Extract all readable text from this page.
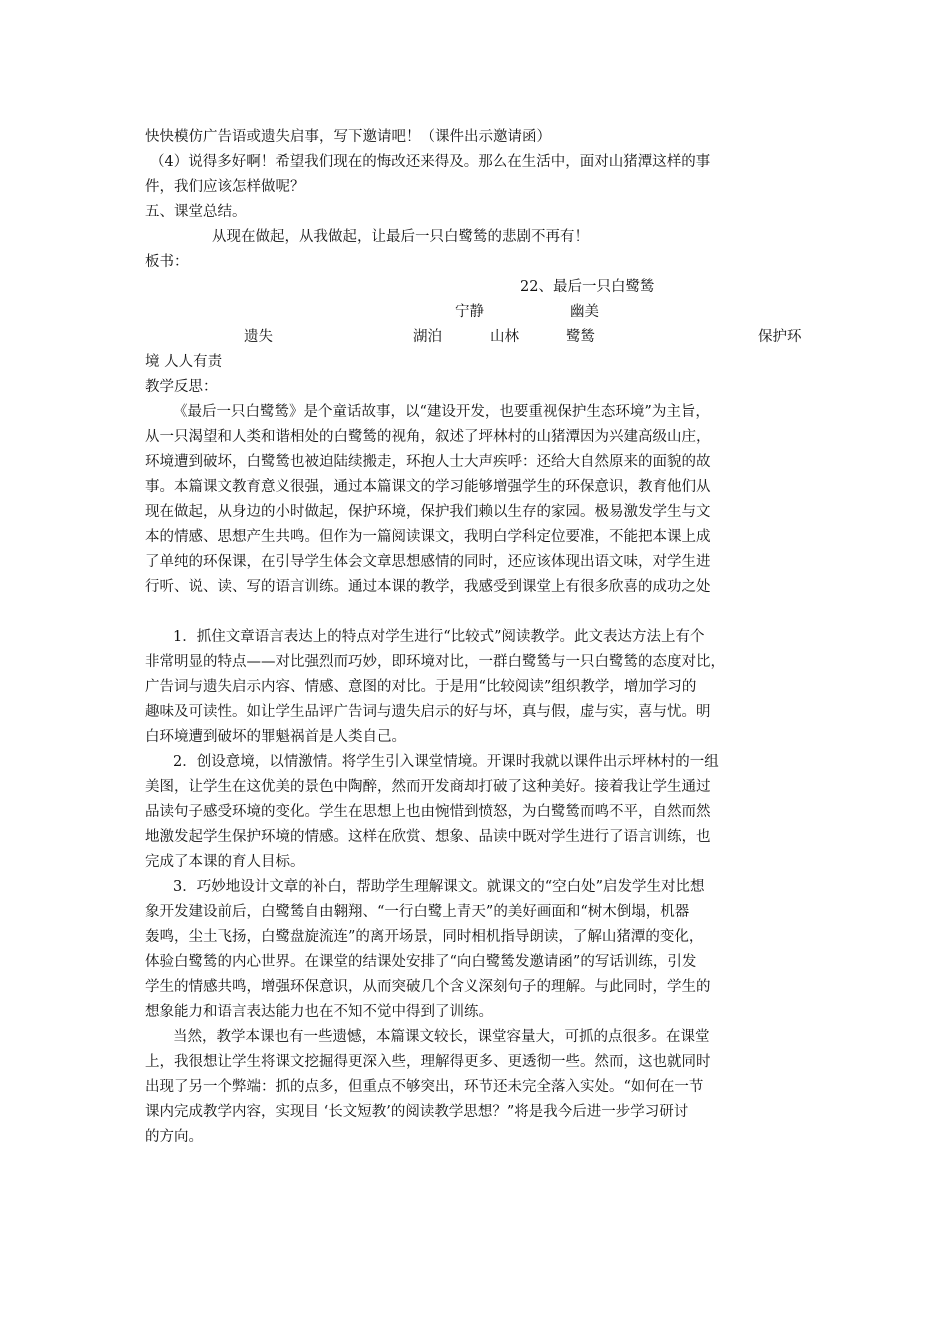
快快模仿广告语或遗失启事，写下邀请吧！（课件出示邀请函）
（4）说得多好啊！希望我们现在的悔改还来得及。那么在生活中，面对山猪潭这样的事
件，我们应该怎样做呢？
五、课堂总结。
从现在做起，从我做起，让最后一只白鹭鸶的悲剧不再有！
板书：
22、最后一只白鹭鸶
宁静	幽美
遗失	湖泊	山林	鹭鸶	保护环
境 人人有责
教学反思：
《最后一只白鹭鸶》是个童话故事，以“建设开发，也要重视保护生态环境”为主旨，
从一只渴望和人类和谐相处的白鹭鸶的视角，叙述了坪林村的山猪潭因为兴建高级山庄，
环境遭到破坏，白鹭鸶也被迫陆续搬走，环抱人士大声疾呼：还给大自然原来的面貌的故
事。本篇课文教育意义很强，通过本篇课文的学习能够增强学生的环保意识，教育他们从
现在做起，从身边的小时做起，保护环境，保护我们赖以生存的家园。极易激发学生与文
本的情感、思想产生共鸣。但作为一篇阅读课文，我明白学科定位要准，不能把本课上成
了单纯的环保课，在引导学生体会文章思想感情的同时，还应该体现出语文味，对学生进
行听、说、读、写的语言训练。通过本课的教学，我感受到课堂上有很多欣喜的成功之处
1．抓住文章语言表达上的特点对学生进行“比较式”阅读教学。此文表达方法上有个
非常明显的特点——对比强烈而巧妙，即环境对比，一群白鹭鸶与一只白鹭鸶的态度对比，
广告词与遗失启示内容、情感、意图的对比。于是用“比较阅读”组织教学，增加学习的
趣味及可读性。如让学生品评广告词与遗失启示的好与坏，真与假，虚与实，喜与忧。明
白环境遭到破坏的罪魁祸首是人类自己。
2．创设意境，以情激情。将学生引入课堂情境。开课时我就以课件出示坪林村的一组
美图，让学生在这优美的景色中陶醉，然而开发商却打破了这种美好。接着我让学生通过
品读句子感受环境的变化。学生在思想上也由惋惜到愤怒，为白鹭鸶而鸣不平，自然而然
地激发起学生保护环境的情感。这样在欣赏、想象、品读中既对学生进行了语言训练，也
完成了本课的育人目标。
3．巧妙地设计文章的补白，帮助学生理解课文。就课文的“空白处”启发学生对比想
象开发建设前后，白鹭鸶自由翱翔、“一行白鹭上青天”的美好画面和“树木倒塌，机器
轰鸣，尘土飞扬，白鹭盘旋流连”的离开场景，同时相机指导朗读，了解山猪潭的变化，
体验白鹭鸶的内心世界。在课堂的结课处安排了“向白鹭鸶发邀请函”的写话训练，引发
学生的情感共鸣，增强环保意识，从而突破几个含义深刻句子的理解。与此同时，学生的
想象能力和语言表达能力也在不知不觉中得到了训练。
当然，教学本课也有一些遗憾，本篇课文较长，课堂容量大，可抓的点很多。在课堂
上，我很想让学生将课文挖掘得更深入些，理解得更多、更透彻一些。然而，这也就同时
出现了另一个弊端：抓的点多，但重点不够突出，环节还未完全落入实处。“如何在一节
课内完成教学内容，实现目 ‘长文短教’的阅读教学思想？”将是我今后进一步学习研讨
的方向。
